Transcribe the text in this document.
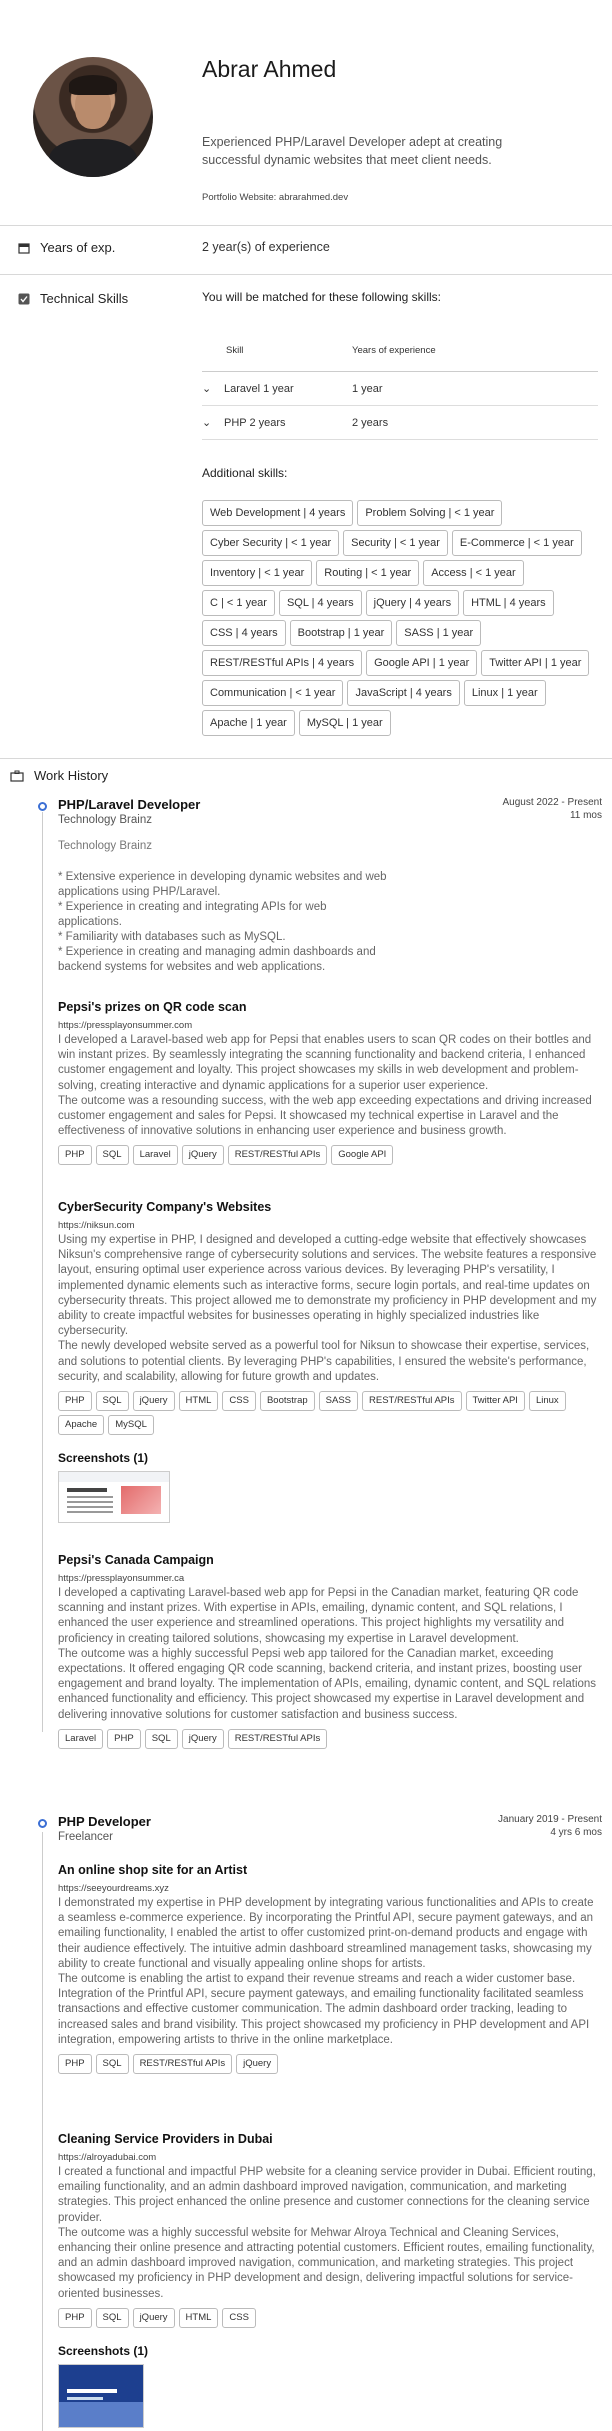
Abrar Ahmed
Experienced PHP/Laravel Developer adept at creating successful dynamic websites that meet client needs.
Portfolio Website: abrarahmed.dev
Years of exp.	2 year(s) of experience
Technical Skills	You will be matched for these following skills:
Skill	Years of experience
⌄	Laravel 1 year	1 year
⌄	PHP 2 years	2 years
Additional skills:
Web Development | 4 years	Problem Solving | < 1 year
Cyber Security | < 1 year	Security | < 1 year	E-Commerce | < 1 year
Inventory | < 1 year	Routing | < 1 year	Access | < 1 year
C | < 1 year	SQL | 4 years	jQuery | 4 years	HTML | 4 years
CSS | 4 years	Bootstrap | 1 year	SASS | 1 year
REST/RESTful APIs | 4 years	Google API | 1 year	Twitter API | 1 year
Communication | < 1 year	JavaScript | 4 years	Linux | 1 year
Apache | 1 year	MySQL | 1 year
Work History
PHP/Laravel Developer
Technology Brainz
August 2022 - Present
11 mos
Technology Brainz
* Extensive experience in developing dynamic websites and web applications using PHP/Laravel.
* Experience in creating and integrating APIs for web applications.
* Familiarity with databases such as MySQL.
* Experience in creating and managing admin dashboards and backend systems for websites and web applications.
Pepsi's prizes on QR code scan
https://pressplayonsummer.com
I developed a Laravel-based web app for Pepsi that enables users to scan QR codes on their bottles and win instant prizes. By seamlessly integrating the scanning functionality and backend criteria, I enhanced customer engagement and loyalty. This project showcases my skills in web development and problem-solving, creating interactive and dynamic applications for a superior user experience.
The outcome was a resounding success, with the web app exceeding expectations and driving increased customer engagement and sales for Pepsi. It showcased my technical expertise in Laravel and the effectiveness of innovative solutions in enhancing user experience and business growth.
PHP	SQL	Laravel	jQuery	REST/RESTful APIs	Google API
CyberSecurity Company's Websites
https://niksun.com
Using my expertise in PHP, I designed and developed a cutting-edge website that effectively showcases Niksun's comprehensive range of cybersecurity solutions and services. The website features a responsive layout, ensuring optimal user experience across various devices. By leveraging PHP's versatility, I implemented dynamic elements such as interactive forms, secure login portals, and real-time updates on cybersecurity threats. This project allowed me to demonstrate my proficiency in PHP development and my ability to create impactful websites for businesses operating in highly specialized industries like cybersecurity.
The newly developed website served as a powerful tool for Niksun to showcase their expertise, services, and solutions to potential clients. By leveraging PHP's capabilities, I ensured the website's performance, security, and scalability, allowing for future growth and updates.
PHP	SQL	jQuery	HTML	CSS	Bootstrap	SASS	REST/RESTful APIs	Twitter API	Linux
Apache	MySQL
Screenshots (1)
Pepsi's Canada Campaign
https://pressplayonsummer.ca
I developed a captivating Laravel-based web app for Pepsi in the Canadian market, featuring QR code scanning and instant prizes. With expertise in APIs, emailing, dynamic content, and SQL relations, I enhanced the user experience and streamlined operations. This project highlights my versatility and proficiency in creating tailored solutions, showcasing my expertise in Laravel development.
The outcome was a highly successful Pepsi web app tailored for the Canadian market, exceeding expectations. It offered engaging QR code scanning, backend criteria, and instant prizes, boosting user engagement and brand loyalty. The implementation of APIs, emailing, dynamic content, and SQL relations enhanced functionality and efficiency. This project showcased my expertise in Laravel development and delivering innovative solutions for customer satisfaction and business success.
Laravel	PHP	SQL	jQuery	REST/RESTful APIs
PHP Developer
Freelancer
January 2019 - Present
4 yrs 6 mos
An online shop site for an Artist
https://seeyourdreams.xyz
I demonstrated my expertise in PHP development by integrating various functionalities and APIs to create a seamless e-commerce experience. By incorporating the Printful API, secure payment gateways, and an emailing functionality, I enabled the artist to offer customized print-on-demand products and engage with their audience effectively. The intuitive admin dashboard streamlined management tasks, showcasing my ability to create functional and visually appealing online shops for artists.
The outcome is enabling the artist to expand their revenue streams and reach a wider customer base. Integration of the Printful API, secure payment gateways, and emailing functionality facilitated seamless transactions and effective customer communication. The admin dashboard order tracking, leading to increased sales and brand visibility. This project showcased my proficiency in PHP development and API integration, empowering artists to thrive in the online marketplace.
PHP	SQL	REST/RESTful APIs	jQuery
Cleaning Service Providers in Dubai
https://alroyadubai.com
I created a functional and impactful PHP website for a cleaning service provider in Dubai. Efficient routing, emailing functionality, and an admin dashboard improved navigation, communication, and marketing strategies. This project enhanced the online presence and customer connections for the cleaning service provider.
The outcome was a highly successful website for Mehwar Alroya Technical and Cleaning Services, enhancing their online presence and attracting potential customers. Efficient routes, emailing functionality, and an admin dashboard improved navigation, communication, and marketing strategies. This project showcased my proficiency in PHP development and design, delivering impactful solutions for service-oriented businesses.
PHP	SQL	jQuery	HTML	CSS
Screenshots (1)
